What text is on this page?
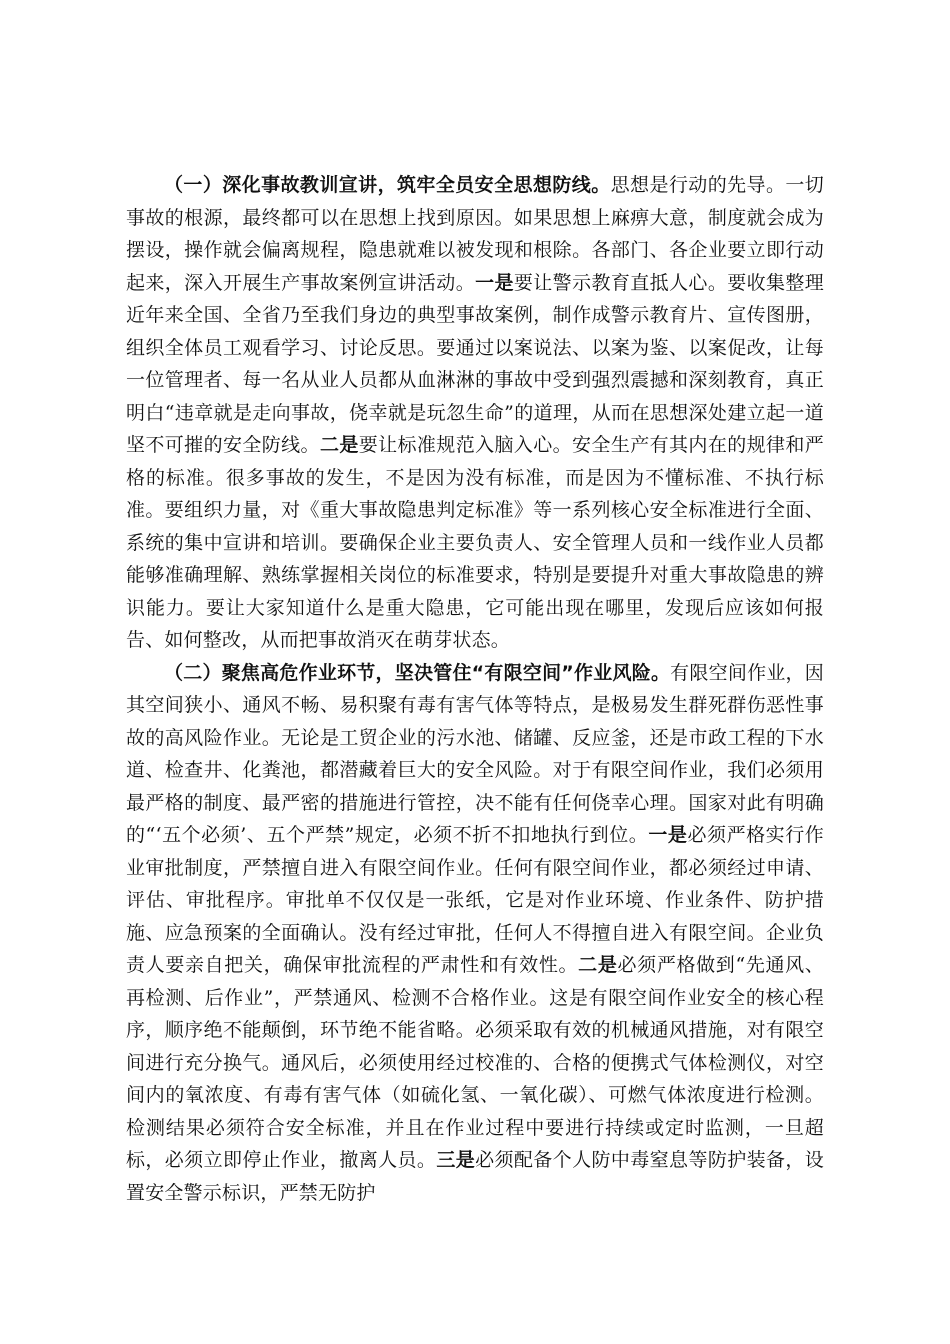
（一）深化事故教训宣讲，筑牢全员安全思想防线。思想是行动的先导。一切事故的根源，最终都可以在思想上找到原因。如果思想上麻痹大意，制度就会成为摆设，操作就会偏离规程，隐患就难以被发现和根除。各部门、各企业要立即行动起来，深入开展生产事故案例宣讲活动。一是要让警示教育直抵人心。要收集整理近年来全国、全省乃至我们身边的典型事故案例，制作成警示教育片、宣传图册，组织全体员工观看学习、讨论反思。要通过以案说法、以案为鉴、以案促改，让每一位管理者、每一名从业人员都从血淋淋的事故中受到强烈震撼和深刻教育，真正明白“违章就是走向事故，侥幸就是玩忽生命”的道理，从而在思想深处建立起一道坚不可摧的安全防线。二是要让标准规范入脑入心。安全生产有其内在的规律和严格的标准。很多事故的发生，不是因为没有标准，而是因为不懂标准、不执行标准。要组织力量，对《重大事故隐患判定标准》等一系列核心安全标准进行全面、系统的集中宣讲和培训。要确保企业主要负责人、安全管理人员和一线作业人员都能够准确理解、熟练掌握相关岗位的标准要求，特别是要提升对重大事故隐患的辨识能力。要让大家知道什么是重大隐患，它可能出现在哪里，发现后应该如何报告、如何整改，从而把事故消灭在萌芽状态。

（二）聚焦高危作业环节，坚决管住“有限空间”作业风险。有限空间作业，因其空间狭小、通风不畅、易积聚有毒有害气体等特点，是极易发生群死群伤恶性事故的高风险作业。无论是工贸企业的污水池、储罐、反应釜，还是市政工程的下水道、检查井、化粪池，都潜藏着巨大的安全风险。对于有限空间作业，我们必须用最严格的制度、最严密的措施进行管控，决不能有任何侥幸心理。国家对此有明确的“‘五个必须’、五个严禁”规定，必须不折不扣地执行到位。一是必须严格实行作业审批制度，严禁擅自进入有限空间作业。任何有限空间作业，都必须经过申请、评估、审批程序。审批单不仅仅是一张纸，它是对作业环境、作业条件、防护措施、应急预案的全面确认。没有经过审批，任何人不得擅自进入有限空间。企业负责人要亲自把关，确保审批流程的严肃性和有效性。二是必须严格做到“先通风、再检测、后作业”，严禁通风、检测不合格作业。这是有限空间作业安全的核心程序，顺序绝不能颠倒，环节绝不能省略。必须采取有效的机械通风措施，对有限空间进行充分换气。通风后，必须使用经过校准的、合格的便携式气体检测仪，对空间内的氧浓度、有毒有害气体（如硫化氢、一氧化碳）、可燃气体浓度进行检测。检测结果必须符合安全标准，并且在作业过程中要进行持续或定时监测，一旦超标，必须立即停止作业，撤离人员。三是必须配备个人防中毒窒息等防护装备，设置安全警示标识，严禁无防护
